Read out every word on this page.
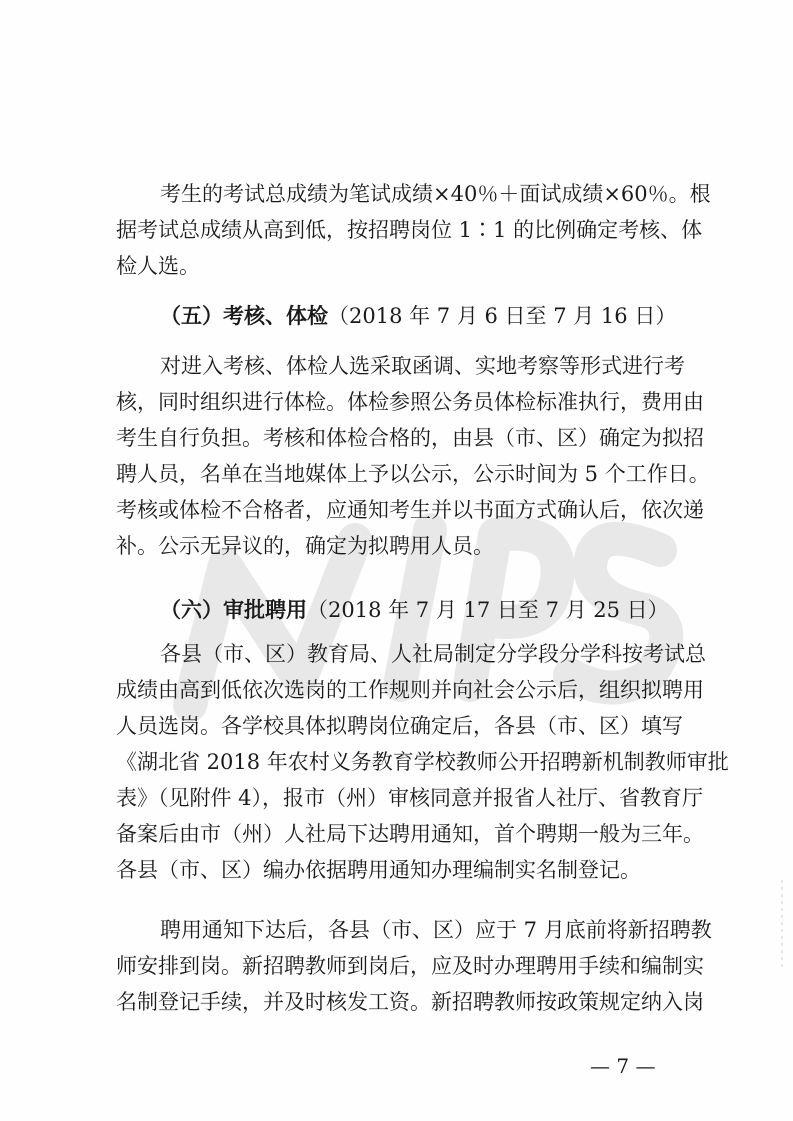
考生的考试总成绩为笔试成绩×40％＋面试成绩×60％。根
据考试总成绩从高到低，按招聘岗位 1∶1 的比例确定考核、体
检人选。
（五）考核、体检（2018 年 7 月 6 日至 7 月 16 日）
对进入考核、体检人选采取函调、实地考察等形式进行考
核，同时组织进行体检。体检参照公务员体检标准执行，费用由
考生自行负担。考核和体检合格的，由县（市、区）确定为拟招
聘人员，名单在当地媒体上予以公示，公示时间为 5 个工作日。
考核或体检不合格者，应通知考生并以书面方式确认后，依次递
补。公示无异议的，确定为拟聘用人员。
（六）审批聘用（2018 年 7 月 17 日至 7 月 25 日）
各县（市、区）教育局、人社局制定分学段分学科按考试总
成绩由高到低依次选岗的工作规则并向社会公示后，组织拟聘用
人员选岗。各学校具体拟聘岗位确定后，各县（市、区）填写
《湖北省 2018 年农村义务教育学校教师公开招聘新机制教师审批
表》（见附件 4），报市（州）审核同意并报省人社厅、省教育厅
备案后由市（州）人社局下达聘用通知，首个聘期一般为三年。
各县（市、区）编办依据聘用通知办理编制实名制登记。
聘用通知下达后，各县（市、区）应于 7 月底前将新招聘教
师安排到岗。新招聘教师到岗后，应及时办理聘用手续和编制实
名制登记手续，并及时核发工资。新招聘教师按政策规定纳入岗
— 7 —
